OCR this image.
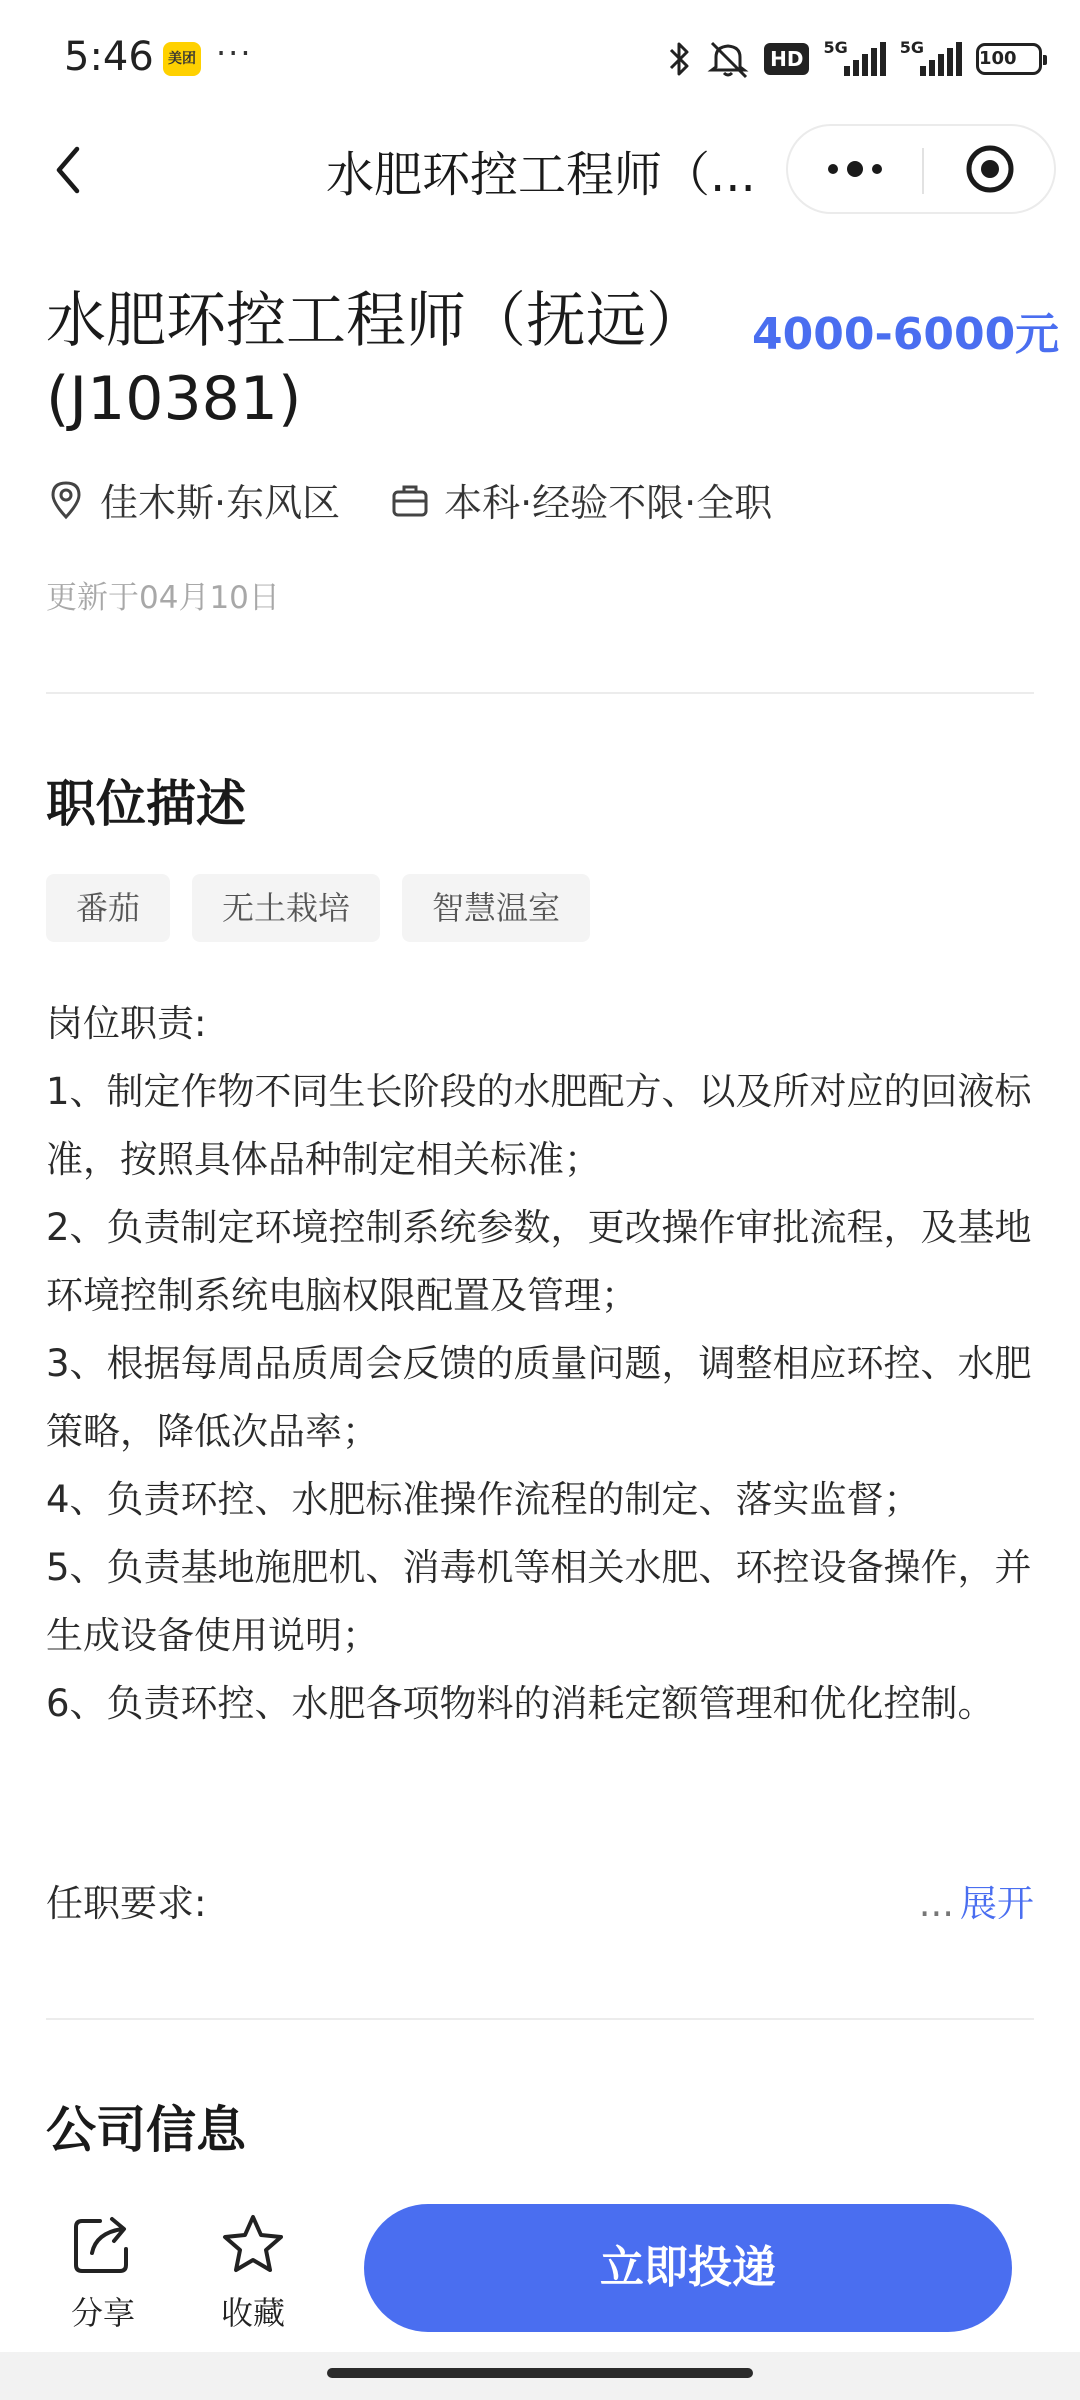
5:46	美团 ···	HD	5G	5G
100
水肥环控工程师（...
水肥环控工程师（抚远）(J10381)
4000-6000元
佳木斯·东风区	本科·经验不限·全职
更新于04月10日
职位描述
番茄	无土栽培	智慧温室

岗位职责:

1、制定作物不同生长阶段的水肥配方、以及所对应的回液标准，按照具体品种制定相关标准；

2、负责制定环境控制系统参数，更改操作审批流程，及基地环境控制系统电脑权限配置及管理；

3、根据每周品质周会反馈的质量问题，调整相应环控、水肥策略，降低次品率；

4、负责环控、水肥标准操作流程的制定、落实监督；

5、负责基地施肥机、消毒机等相关水肥、环控设备操作，并生成设备使用说明；

6、负责环控、水肥各项物料的消耗定额管理和优化控制。

任职要求:	... 展开
公司信息
分享	收藏
立即投递
